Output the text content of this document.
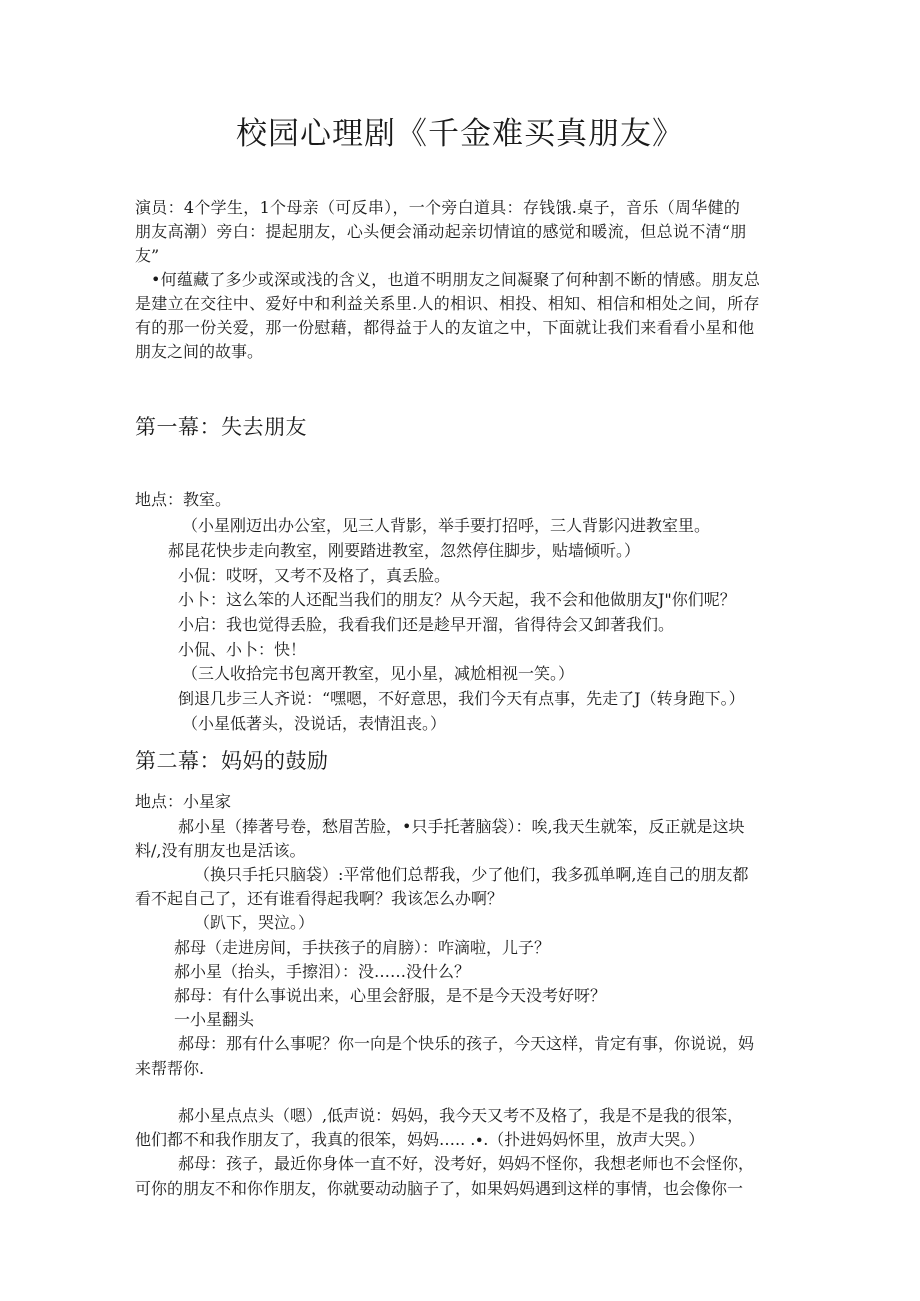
校园心理剧《千金难买真朋友》
演员：4个学生，1个母亲（可反串），一个旁白道具：存钱饿.桌子，音乐（周华健的
朋友高潮）旁白：提起朋友，心头便会涌动起亲切情谊的感觉和暖流，但总说不清“朋
友”
•何蕴藏了多少或深或浅的含义，也道不明朋友之间凝聚了何种割不断的情感。朋友总
是建立在交往中、爱好中和利益关系里.人的相识、相投、相知、相信和相处之间，所存
有的那一份关爱，那一份慰藉，都得益于人的友谊之中，下面就让我们来看看小星和他
朋友之间的故事。
第一幕：失去朋友

地点：教室。

（小星刚迈出办公室，见三人背影，举手要打招呼，三人背影闪进教室里。

郝昆花快步走向教室，刚要踏进教室，忽然停住脚步，贴墙倾听。）

小侃：哎呀，又考不及格了，真丢脸。

小卜：这么笨的人还配当我们的朋友？从今天起，我不会和他做朋友J"你们呢？

小启：我也觉得丢脸，我看我们还是趁早开溜，省得待会又卸著我们。

小侃、小卜：快！

（三人收拾完书包离开教室，见小星，减尬相视一笑。）

倒退几步三人齐说：“嘿嗯，不好意思，我们今天有点事，先走了J（转身跑下。）

（小星低著头，没说话，表情沮丧。）

第二幕：妈妈的鼓励

地点：小星家

郝小星（捧著号卷，愁眉苦脸，•只手托著脑袋）：唉,我天生就笨，反正就是这块

料/,没有朋友也是活该。

（换只手托只脑袋）:平常他们总帮我，少了他们，我多孤单啊,连自己的朋友都

看不起自己了，还有谁看得起我啊？我该怎么办啊？

（趴下，哭泣。）

郝母（走进房间，手扶孩子的肩膀）：咋滴啦，儿子？

郝小星（抬头，手擦泪）：没……没什么？

郝母：有什么事说出来，心里会舒服，是不是今天没考好呀？

一小星翻头

郝母：那有什么事呢？你一向是个快乐的孩子，今天这样，肯定有事，你说说，妈

来帮帮你.

郝小星点点头（嗯）,低声说：妈妈，我今天又考不及格了，我是不是我的很笨，

他们都不和我作朋友了，我真的很笨，妈妈….. .∙.（扑进妈妈怀里，放声大哭。）

郝母：孩子，最近你身体一直不好，没考好，妈妈不怪你，我想老师也不会怪你，

可你的朋友不和你作朋友，你就要动动脑子了，如果妈妈遇到这样的事情，也会像你一
